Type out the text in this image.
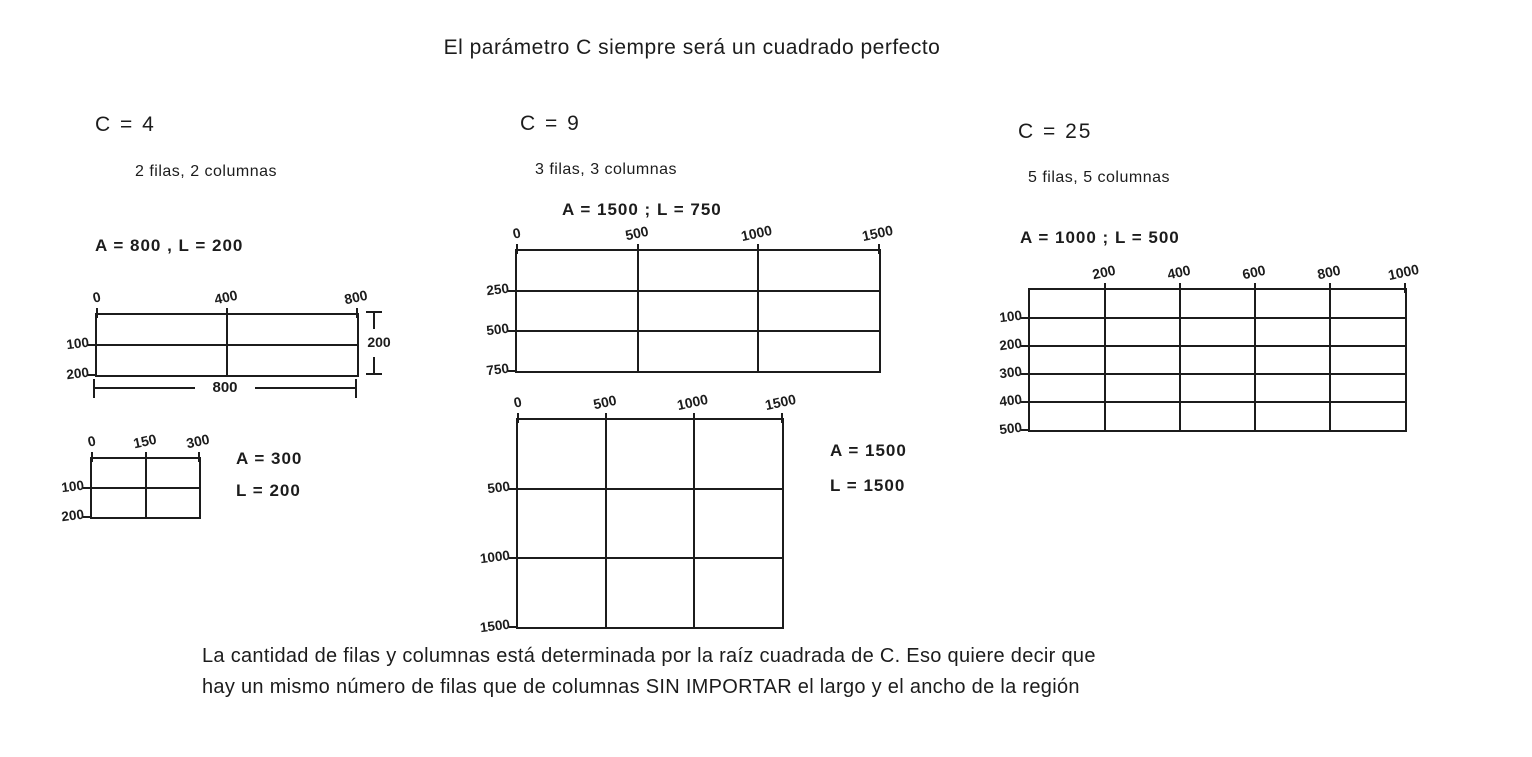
El parámetro C siempre será un cuadrado perfecto
C = 4
2 filas, 2 columnas
A = 800 , L = 200
0	400	800
100
200
200
800
0 150 300
100
200
A = 300
L = 200
C = 9
3 filas, 3 columnas
A = 1500 ; L = 750
0	500	1000	1500
250
500
750
0	500	1000	1500
500
1000
1500
A = 1500
L = 1500
C = 25
5 filas, 5 columnas
A = 1000 ; L = 500
200	400	600	800	1000
100
200
300
400
500
La cantidad de filas y columnas está determinada por la raíz cuadrada de C. Eso quiere decir que
hay un mismo número de filas que de columnas SIN IMPORTAR el largo y el ancho de la región
